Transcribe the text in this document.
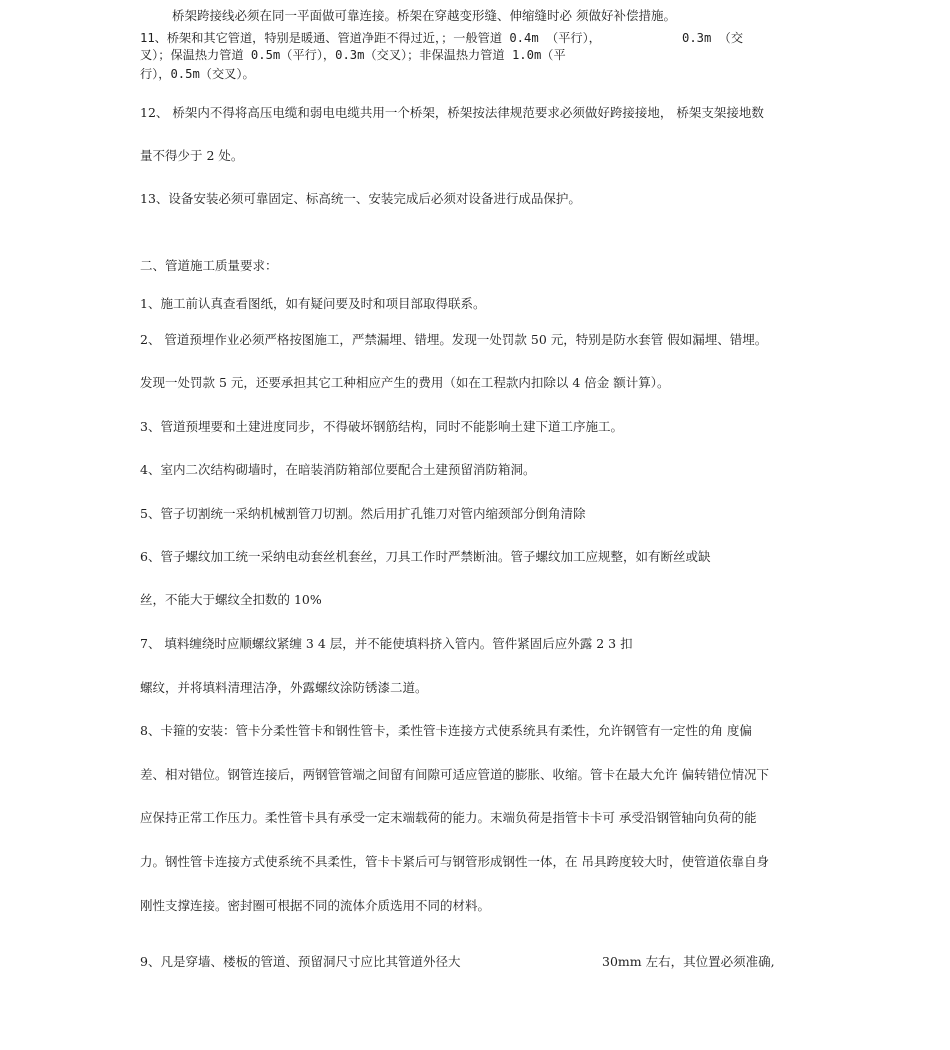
桥架跨接线必须在同一平面做可靠连接。桥架在穿越变形缝、伸缩缝时必 须做好补偿措施。

11、桥架和其它管道，特别是暖通、管道净距不得过近，；一般管道 0.4m （平行），	0.3m （交

叉）；保温热力管道 0.5m（平行），0.3m（交叉）；非保温热力管道 1.0m（平

行），0.5m（交叉）。

12、 桥架内不得将高压电缆和弱电电缆共用一个桥架，桥架按法律规范要求必须做好跨接接地， 桥架支架接地数

量不得少于 2 处。

13、设备安装必须可靠固定、标高统一、安装完成后必须对设备进行成品保护。

二、管道施工质量要求：

1、施工前认真查看图纸，如有疑问要及时和项目部取得联系。

2、 管道预埋作业必须严格按图施工，严禁漏埋、错埋。发现一处罚款 50 元，特别是防水套管 假如漏埋、错埋。

发现一处罚款 5 元，还要承担其它工种相应产生的费用（如在工程款内扣除以 4 倍金 额计算）。

3、管道预埋要和土建进度同步，不得破坏钢筋结构，同时不能影响土建下道工序施工。

4、室内二次结构砌墙时，在暗装消防箱部位要配合土建预留消防箱洞。

5、管子切割统一采纳机械割管刀切割。然后用扩孔锥刀对管内缩颈部分倒角清除

6、管子螺纹加工统一采纳电动套丝机套丝，刀具工作时严禁断油。管子螺纹加工应规整，如有断丝或缺

丝，不能大于螺纹全扣数的 10%

7、 填料缠绕时应顺螺纹紧缠 3 4 层，并不能使填料挤入管内。管件紧固后应外露 2 3 扣

螺纹，并将填料清理洁净，外露螺纹涂防锈漆二道。

8、卡箍的安装：管卡分柔性管卡和钢性管卡，柔性管卡连接方式使系统具有柔性，允许钢管有一定性的角 度偏

差、相对错位。钢管连接后，两钢管管端之间留有间隙可适应管道的膨胀、收缩。管卡在最大允许 偏转错位情况下

应保持正常工作压力。柔性管卡具有承受一定末端载荷的能力。末端负荷是指管卡卡可 承受沿钢管轴向负荷的能

力。钢性管卡连接方式使系统不具柔性，管卡卡紧后可与钢管形成钢性一体，在 吊具跨度较大时，使管道依靠自身

刚性支撑连接。密封圈可根据不同的流体介质选用不同的材料。

9、凡是穿墙、楼板的管道、预留洞尺寸应比其管道外径大	30mm 左右，其位置必须准确,
